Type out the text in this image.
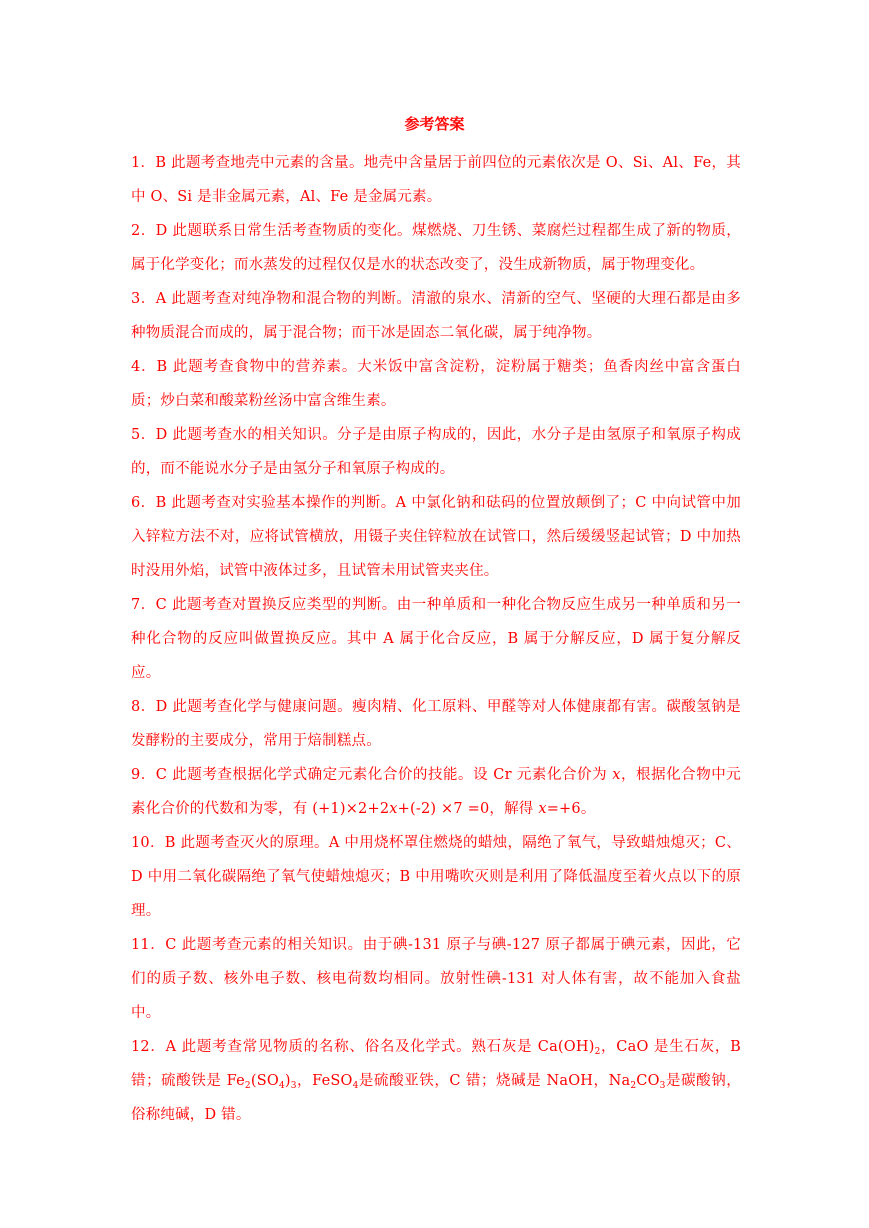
参考答案

1．B 此题考查地壳中元素的含量。地壳中含量居于前四位的元素依次是 O、Si、Al、Fe，其中 O、Si 是非金属元素，Al、Fe 是金属元素。

2．D 此题联系日常生活考查物质的变化。煤燃烧、刀生锈、菜腐烂过程都生成了新的物质，属于化学变化；而水蒸发的过程仅仅是水的状态改变了，没生成新物质，属于物理变化。

3．A 此题考查对纯净物和混合物的判断。清澈的泉水、清新的空气、坚硬的大理石都是由多种物质混合而成的，属于混合物；而干冰是固态二氧化碳，属于纯净物。

4．B 此题考查食物中的营养素。大米饭中富含淀粉，淀粉属于糖类；鱼香肉丝中富含蛋白质；炒白菜和酸菜粉丝汤中富含维生素。

5．D 此题考查水的相关知识。分子是由原子构成的，因此，水分子是由氢原子和氧原子构成的，而不能说水分子是由氢分子和氧原子构成的。

6．B 此题考查对实验基本操作的判断。A 中氯化钠和砝码的位置放颠倒了；C 中向试管中加入锌粒方法不对，应将试管横放，用镊子夹住锌粒放在试管口，然后缓缓竖起试管；D 中加热时没用外焰，试管中液体过多，且试管未用试管夹夹住。

7．C 此题考查对置换反应类型的判断。由一种单质和一种化合物反应生成另一种单质和另一种化合物的反应叫做置换反应。其中 A 属于化合反应，B 属于分解反应，D 属于复分解反应。

8．D 此题考查化学与健康问题。瘦肉精、化工原料、甲醛等对人体健康都有害。碳酸氢钠是发酵粉的主要成分，常用于焙制糕点。

9．C 此题考查根据化学式确定元素化合价的技能。设 Cr 元素化合价为 x，根据化合物中元素化合价的代数和为零，有 (+1)×2+2x+(-2) ×7 =0，解得 x=+6。

10．B 此题考查灭火的原理。A 中用烧杯罩住燃烧的蜡烛，隔绝了氧气，导致蜡烛熄灭；C、D 中用二氧化碳隔绝了氧气使蜡烛熄灭；B 中用嘴吹灭则是利用了降低温度至着火点以下的原理。

11．C 此题考查元素的相关知识。由于碘-131 原子与碘-127 原子都属于碘元素，因此，它们的质子数、核外电子数、核电荷数均相同。放射性碘-131 对人体有害，故不能加入食盐中。

12．A 此题考查常见物质的名称、俗名及化学式。熟石灰是 $Ca(OH)_2$，CaO 是生石灰，B 错；硫酸铁是 $Fe_2(SO_4)_3$，FeSO$_4$是硫酸亚铁，C 错；烧碱是 NaOH，$Na_2CO_3$是碳酸钠，俗称纯碱，D 错。
